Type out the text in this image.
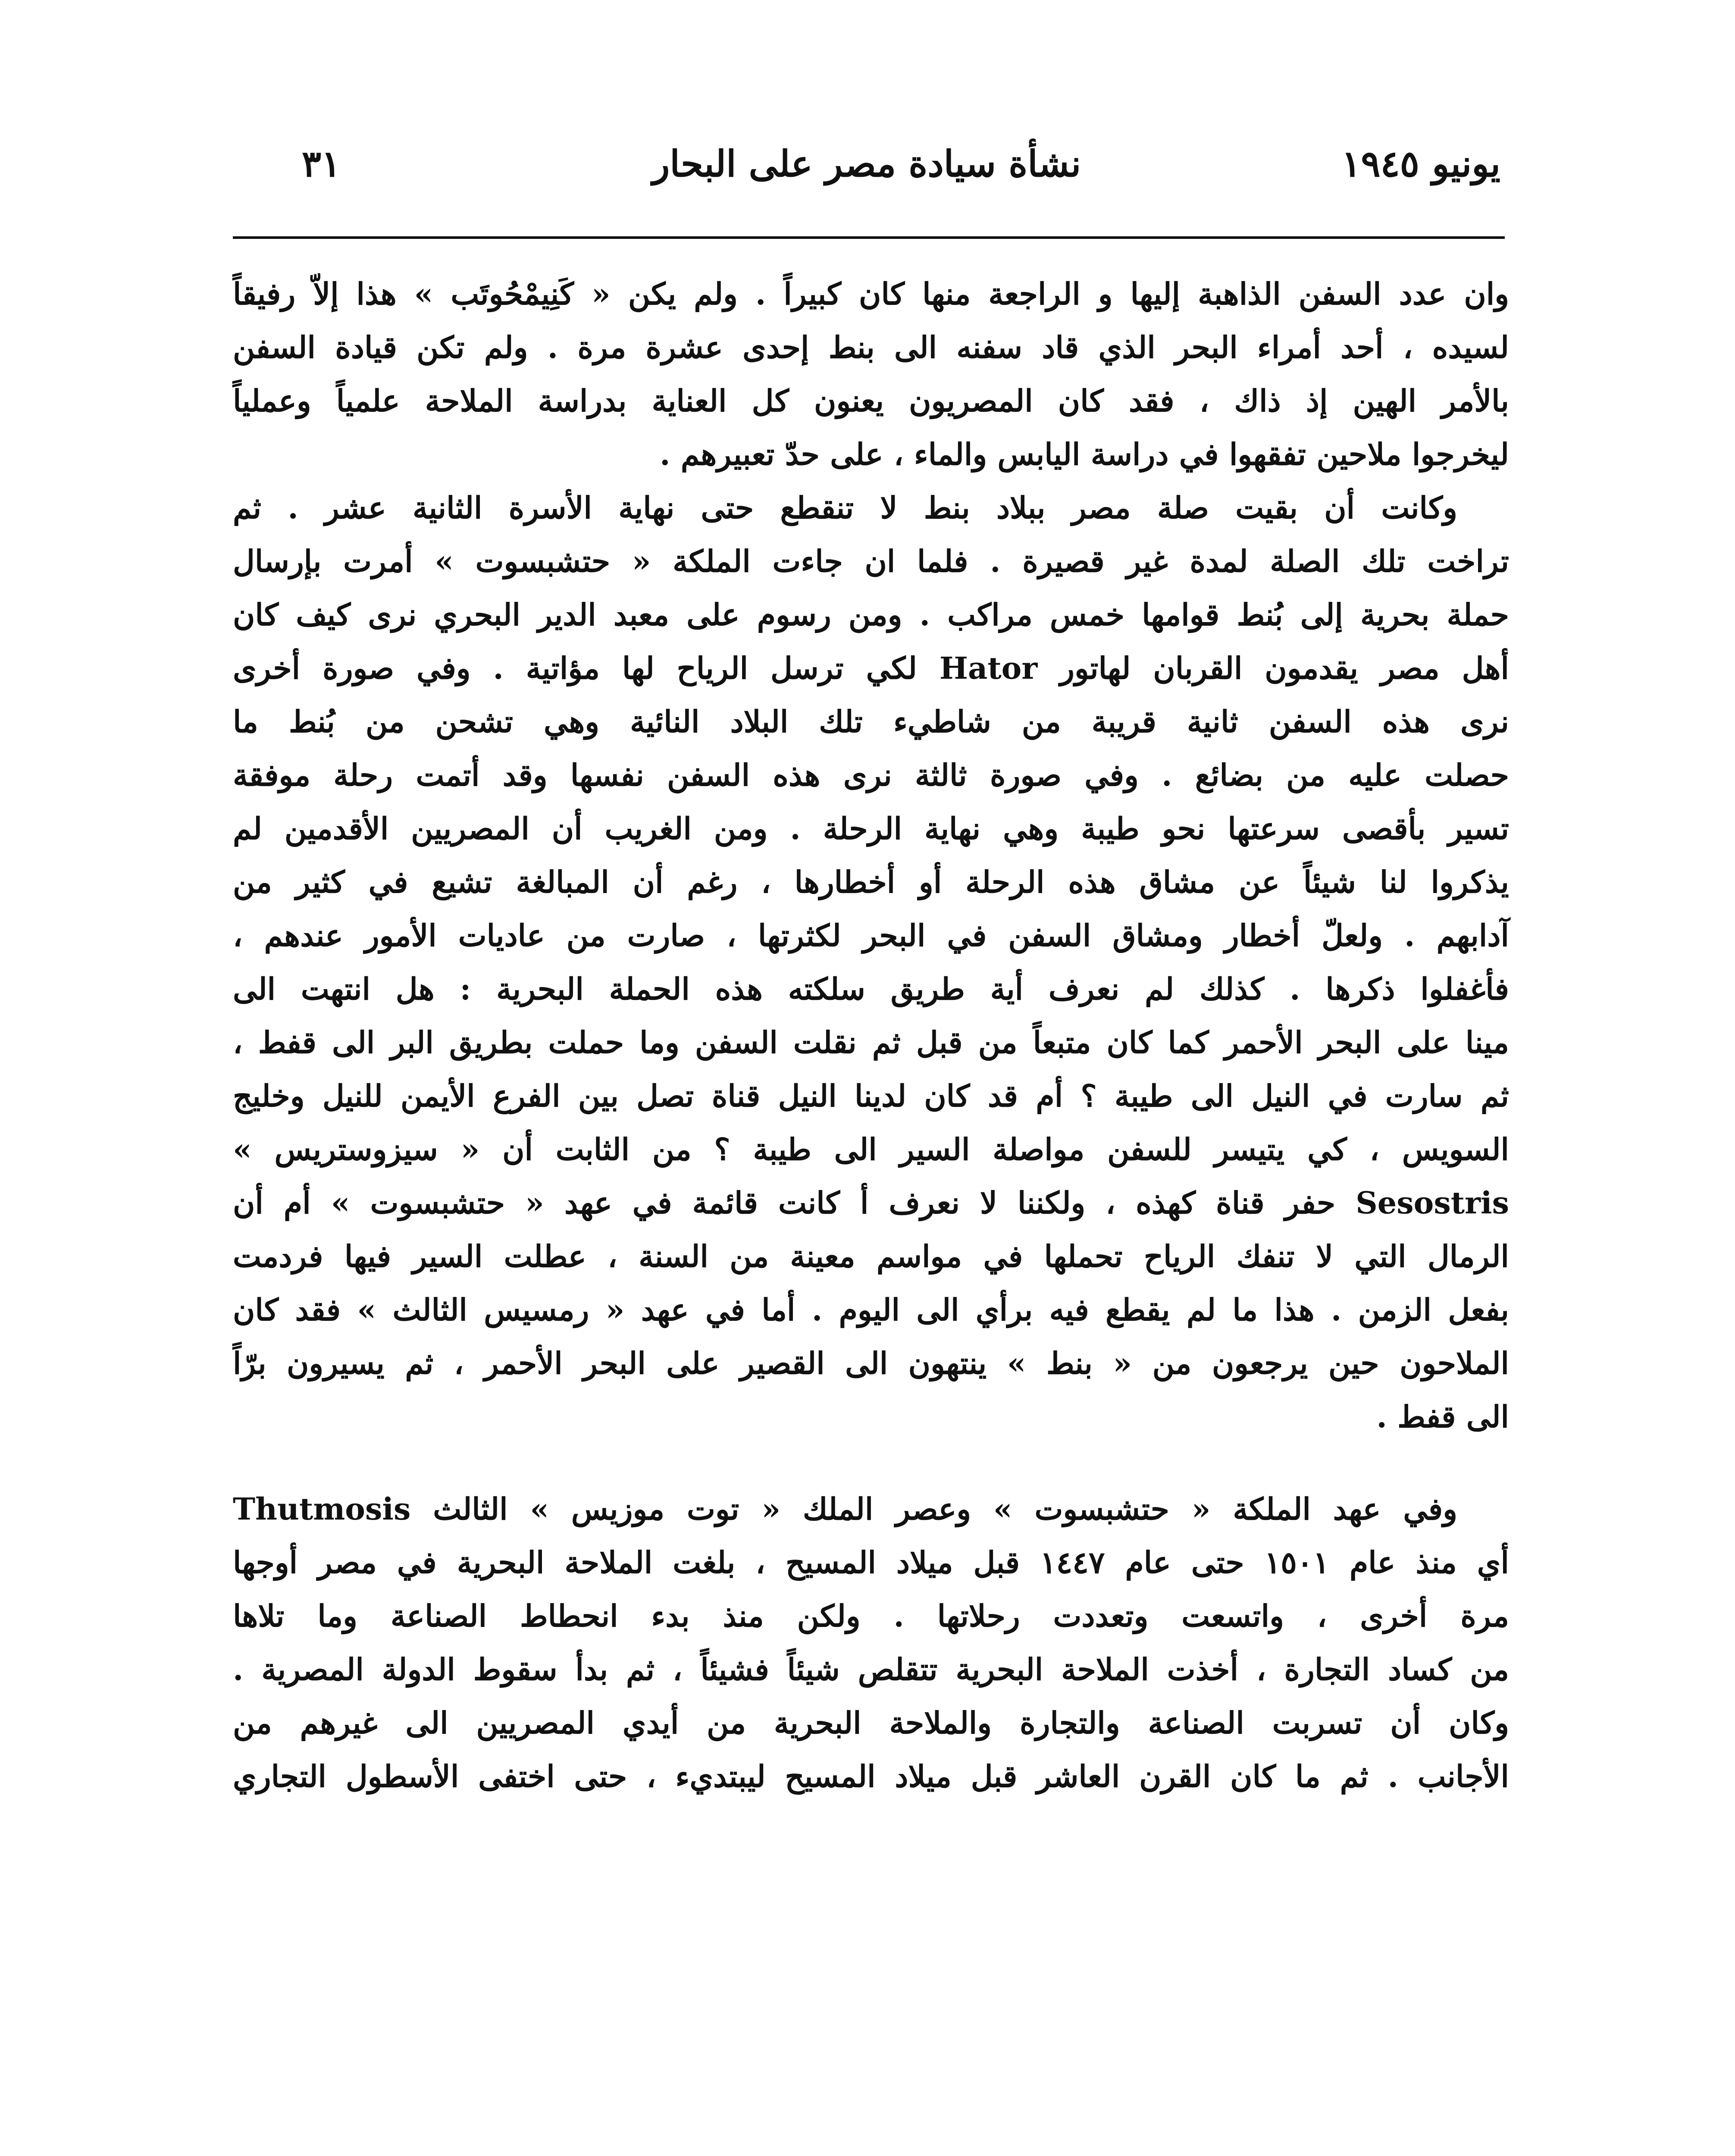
يونيو ١٩٤٥
نشأة سيادة مصر على البحار
٣١
وان عدد السفن الذاهبة إليها و الراجعة منها كان كبيراً . ولم يكن « كَنِيمْحُوتَب » هذا إلاّ رفيقاً
لسيده ، أحد أمراء البحر الذي قاد سفنه الى بنط إحدى عشرة مرة . ولم تكن قيادة السفن
بالأمر الهين إذ ذاك ، فقد كان المصريون يعنون كل العناية بدراسة الملاحة علمياً وعملياً
ليخرجوا ملاحين تفقهوا في دراسة اليابس والماء ، على حدّ تعبيرهم .
وكانت أن بقيت صلة مصر ببلاد بنط لا تنقطع حتى نهاية الأسرة الثانية عشر . ثم
تراخت تلك الصلة لمدة غير قصيرة . فلما ان جاءت الملكة « حتشبسوت » أمرت بإرسال
حملة بحرية إلى بُنط قوامها خمس مراكب . ومن رسوم على معبد الدير البحري نرى كيف كان
أهل مصر يقدمون القربان لهاتور Hator لكي ترسل الرياح لها مؤاتية . وفي صورة أخرى
نرى هذه السفن ثانية قريبة من شاطيء تلك البلاد النائية وهي تشحن من بُنط ما
حصلت عليه من بضائع . وفي صورة ثالثة نرى هذه السفن نفسها وقد أتمت رحلة موفقة
تسير بأقصى سرعتها نحو طيبة وهي نهاية الرحلة . ومن الغريب أن المصريين الأقدمين لم
يذكروا لنا شيئاً عن مشاق هذه الرحلة أو أخطارها ، رغم أن المبالغة تشيع في كثير من
آدابهم . ولعلّ أخطار ومشاق السفن في البحر لكثرتها ، صارت من عاديات الأمور عندهم ،
فأغفلوا ذكرها . كذلك لم نعرف أية طريق سلكته هذه الحملة البحرية : هل انتهت الى
مينا على البحر الأحمر كما كان متبعاً من قبل ثم نقلت السفن وما حملت بطريق البر الى قفط ،
ثم سارت في النيل الى طيبة ؟ أم قد كان لدينا النيل قناة تصل بين الفرع الأيمن للنيل وخليج
السويس ، كي يتيسر للسفن مواصلة السير الى طيبة ؟ من الثابت أن « سيزوستريس »
Sesostris حفر قناة كهذه ، ولكننا لا نعرف أ كانت قائمة في عهد « حتشبسوت » أم أن
الرمال التي لا تنفك الرياح تحملها في مواسم معينة من السنة ، عطلت السير فيها فردمت
بفعل الزمن . هذا ما لم يقطع فيه برأي الى اليوم . أما في عهد « رمسيس الثالث » فقد كان
الملاحون حين يرجعون من « بنط » ينتهون الى القصير على البحر الأحمر ، ثم يسيرون برّاً
الى قفط .
وفي عهد الملكة « حتشبسوت » وعصر الملك « توت موزيس » الثالث Thutmosis
أي منذ عام ١٥٠١ حتى عام ١٤٤٧ قبل ميلاد المسيح ، بلغت الملاحة البحرية في مصر أوجها
مرة أخرى ، واتسعت وتعددت رحلاتها . ولكن منذ بدء انحطاط الصناعة وما تلاها
من كساد التجارة ، أخذت الملاحة البحرية تتقلص شيئاً فشيئاً ، ثم بدأ سقوط الدولة المصرية .
وكان أن تسربت الصناعة والتجارة والملاحة البحرية من أيدي المصريين الى غيرهم من
الأجانب . ثم ما كان القرن العاشر قبل ميلاد المسيح ليبتديء ، حتى اختفى الأسطول التجاري
